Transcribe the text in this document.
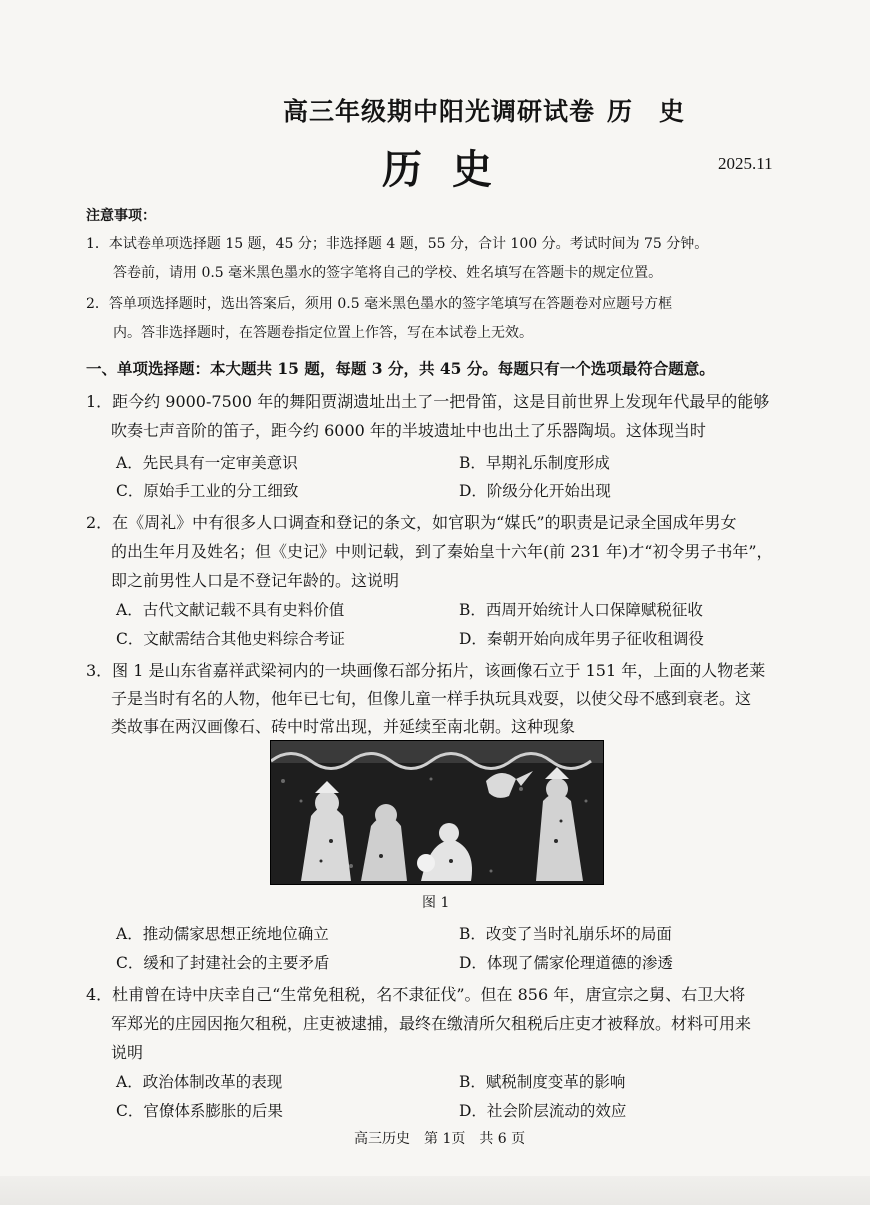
高三年级期中阳光调研试卷 历　史
历史	2025.11
注意事项：
1．本试卷单项选择题 15 题，45 分；非选择题 4 题，55 分，合计 100 分。考试时间为 75 分钟。
答卷前，请用 0.5 毫米黑色墨水的签字笔将自己的学校、姓名填写在答题卡的规定位置。
2．答单项选择题时，选出答案后，须用 0.5 毫米黑色墨水的签字笔填写在答题卷对应题号方框
内。答非选择题时，在答题卷指定位置上作答，写在本试卷上无效。
一、单项选择题：本大题共 15 题，每题 3 分，共 45 分。每题只有一个选项最符合题意。
1．距今约 9000-7500 年的舞阳贾湖遗址出土了一把骨笛，这是目前世界上发现年代最早的能够
吹奏七声音阶的笛子，距今约 6000 年的半坡遗址中也出土了乐器陶埙。这体现当时
A．先民具有一定审美意识	B．早期礼乐制度形成
C．原始手工业的分工细致	D．阶级分化开始出现
2．在《周礼》中有很多人口调查和登记的条文，如官职为“媒氏”的职责是记录全国成年男女
的出生年月及姓名；但《史记》中则记载，到了秦始皇十六年(前 231 年)才“初令男子书年”，
即之前男性人口是不登记年龄的。这说明
A．古代文献记载不具有史料价值	B．西周开始统计人口保障赋税征收
C．文献需结合其他史料综合考证	D．秦朝开始向成年男子征收租调役
3．图 1 是山东省嘉祥武梁祠内的一块画像石部分拓片，该画像石立于 151 年，上面的人物老莱
子是当时有名的人物，他年已七旬，但像儿童一样手执玩具戏耍，以使父母不感到衰老。这
类故事在两汉画像石、砖中时常出现，并延续至南北朝。这种现象
图 1
A．推动儒家思想正统地位确立	B．改变了当时礼崩乐坏的局面
C．缓和了封建社会的主要矛盾	D．体现了儒家伦理道德的渗透
4．杜甫曾在诗中庆幸自己“生常免租税，名不隶征伐”。但在 856 年，唐宣宗之舅、右卫大将
军郑光的庄园因拖欠租税，庄吏被逮捕，最终在缴清所欠租税后庄吏才被释放。材料可用来
说明
A．政治体制改革的表现	B．赋税制度变革的影响
C．官僚体系膨胀的后果	D．社会阶层流动的效应
高三历史　第 1页　共 6 页
